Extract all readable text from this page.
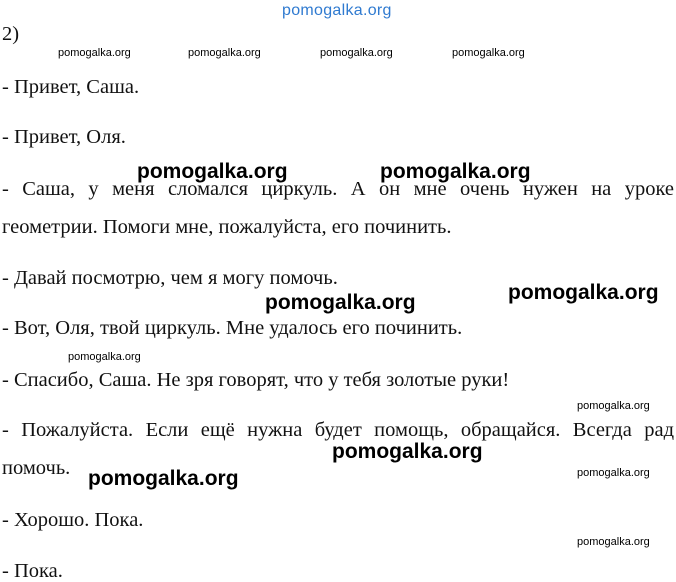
pomogalka.org
2)
pomogalka.org	pomogalka.org	pomogalka.org	pomogalka.org
- Привет, Саша.
- Привет, Оля.
pomogalka.org	pomogalka.org
- Саша, у меня сломался циркуль. А он мне очень нужен на уроке
геометрии. Помоги мне, пожалуйста, его починить.
- Давай посмотрю, чем я могу помочь.
pomogalka.org	pomogalka.org
- Вот, Оля, твой циркуль. Мне удалось его починить.
pomogalka.org
- Спасибо, Саша. Не зря говорят, что у тебя золотые руки!
pomogalka.org
- Пожалуйста. Если ещё нужна будет помощь, обращайся. Всегда рад
pomogalka.org
помочь. pomogalka.org	pomogalka.org
- Хорошо. Пока.
pomogalka.org
- Пока.
